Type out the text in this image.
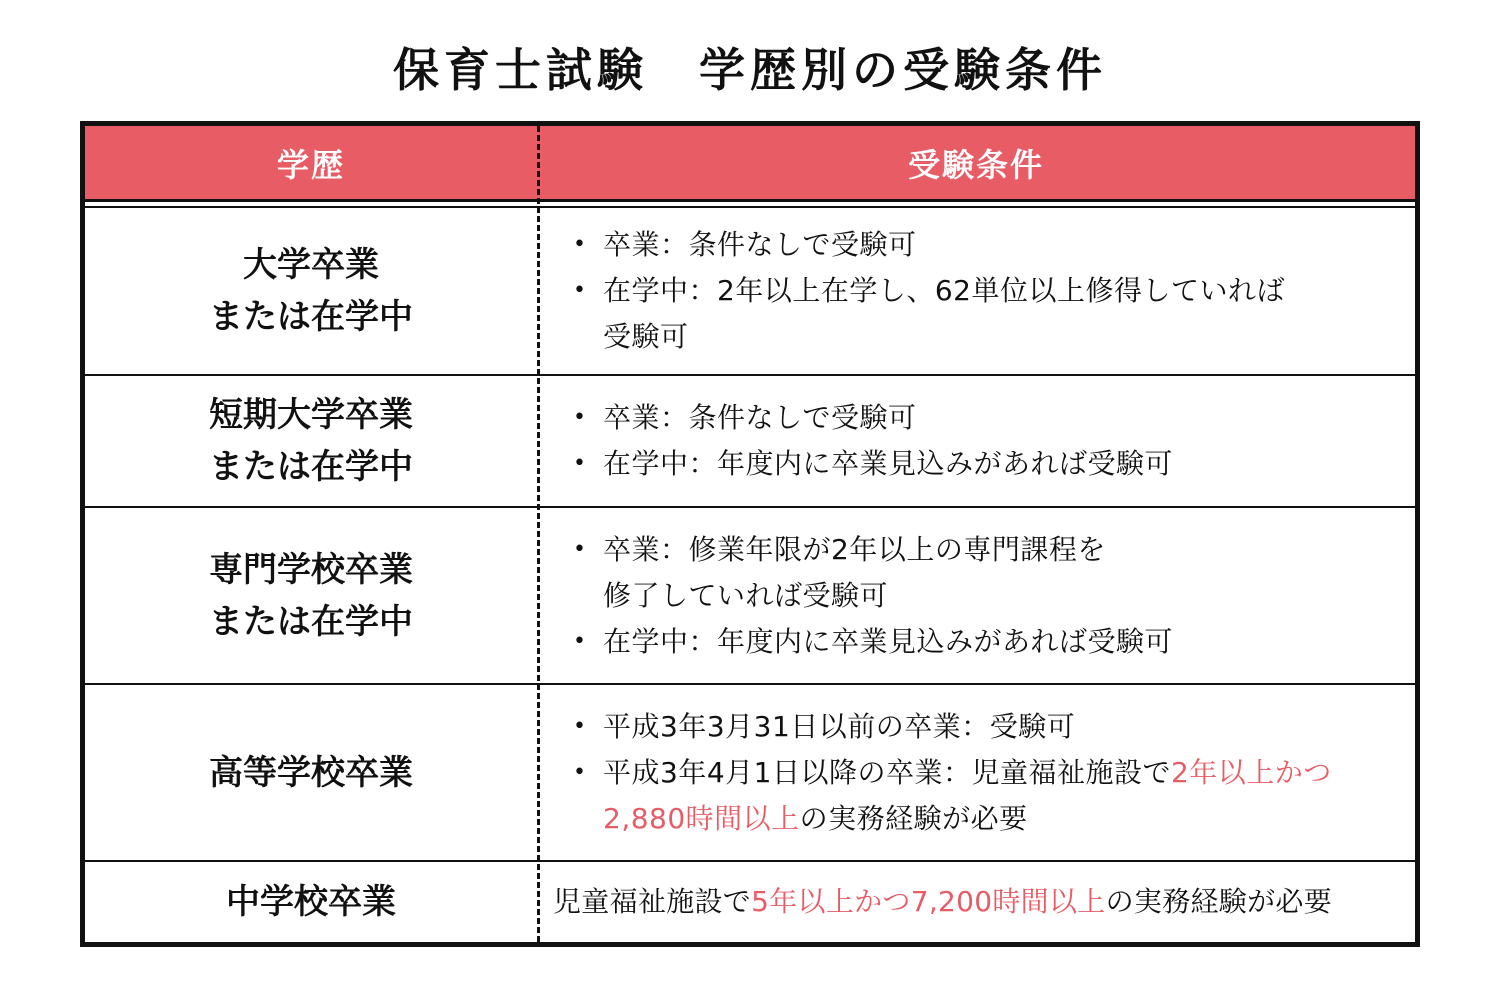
保育士試験　学歴別の受験条件
学歴	受験条件
大学卒業
または在学中
• 卒業：条件なしで受験可
• 在学中：2年以上在学し、62単位以上修得していれば
受験可
短期大学卒業
または在学中
• 卒業：条件なしで受験可
• 在学中：年度内に卒業見込みがあれば受験可
専門学校卒業
または在学中
• 卒業：修業年限が2年以上の専門課程を
修了していれば受験可
• 在学中：年度内に卒業見込みがあれば受験可
高等学校卒業
• 平成3年3月31日以前の卒業：受験可
• 平成3年4月1日以降の卒業：児童福祉施設で2年以上かつ
2,880時間以上の実務経験が必要
中学校卒業	児童福祉施設で5年以上かつ7,200時間以上の実務経験が必要
